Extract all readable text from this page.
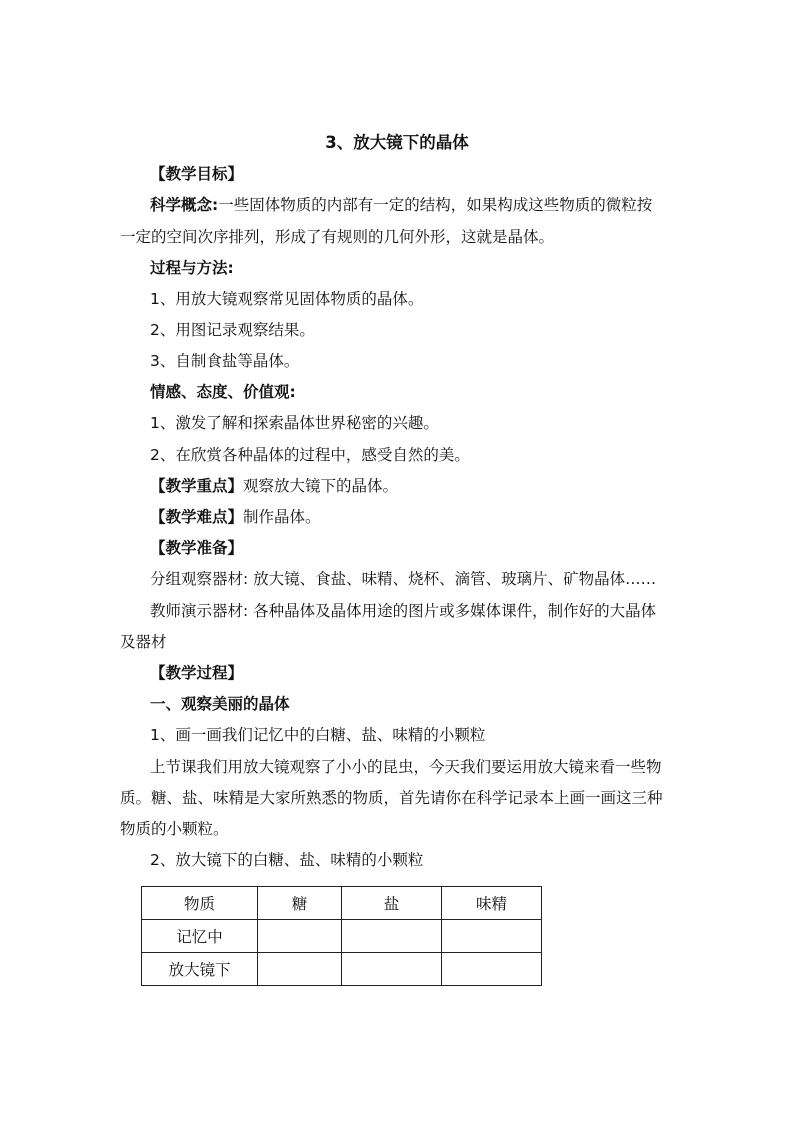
3、放大镜下的晶体
【教学目标】
科学概念:一些固体物质的内部有一定的结构，如果构成这些物质的微粒按
一定的空间次序排列，形成了有规则的几何外形，这就是晶体。
过程与方法:
1、用放大镜观察常见固体物质的晶体。
2、用图记录观察结果。
3、自制食盐等晶体。
情感、态度、价值观:
1、激发了解和探索晶体世界秘密的兴趣。
2、在欣赏各种晶体的过程中，感受自然的美。
【教学重点】观察放大镜下的晶体。
【教学难点】制作晶体。
【教学准备】
分组观察器材: 放大镜、食盐、味精、烧杯、滴管、玻璃片、矿物晶体……
教师演示器材: 各种晶体及晶体用途的图片或多媒体课件，制作好的大晶体
及器材
【教学过程】
一、观察美丽的晶体
1、画一画我们记忆中的白糖、盐、味精的小颗粒
上节课我们用放大镜观察了小小的昆虫，今天我们要运用放大镜来看一些物
质。糖、盐、味精是大家所熟悉的物质，首先请你在科学记录本上画一画这三种
物质的小颗粒。
2、放大镜下的白糖、盐、味精的小颗粒
物质	糖	盐	味精
记忆中			
放大镜下			
